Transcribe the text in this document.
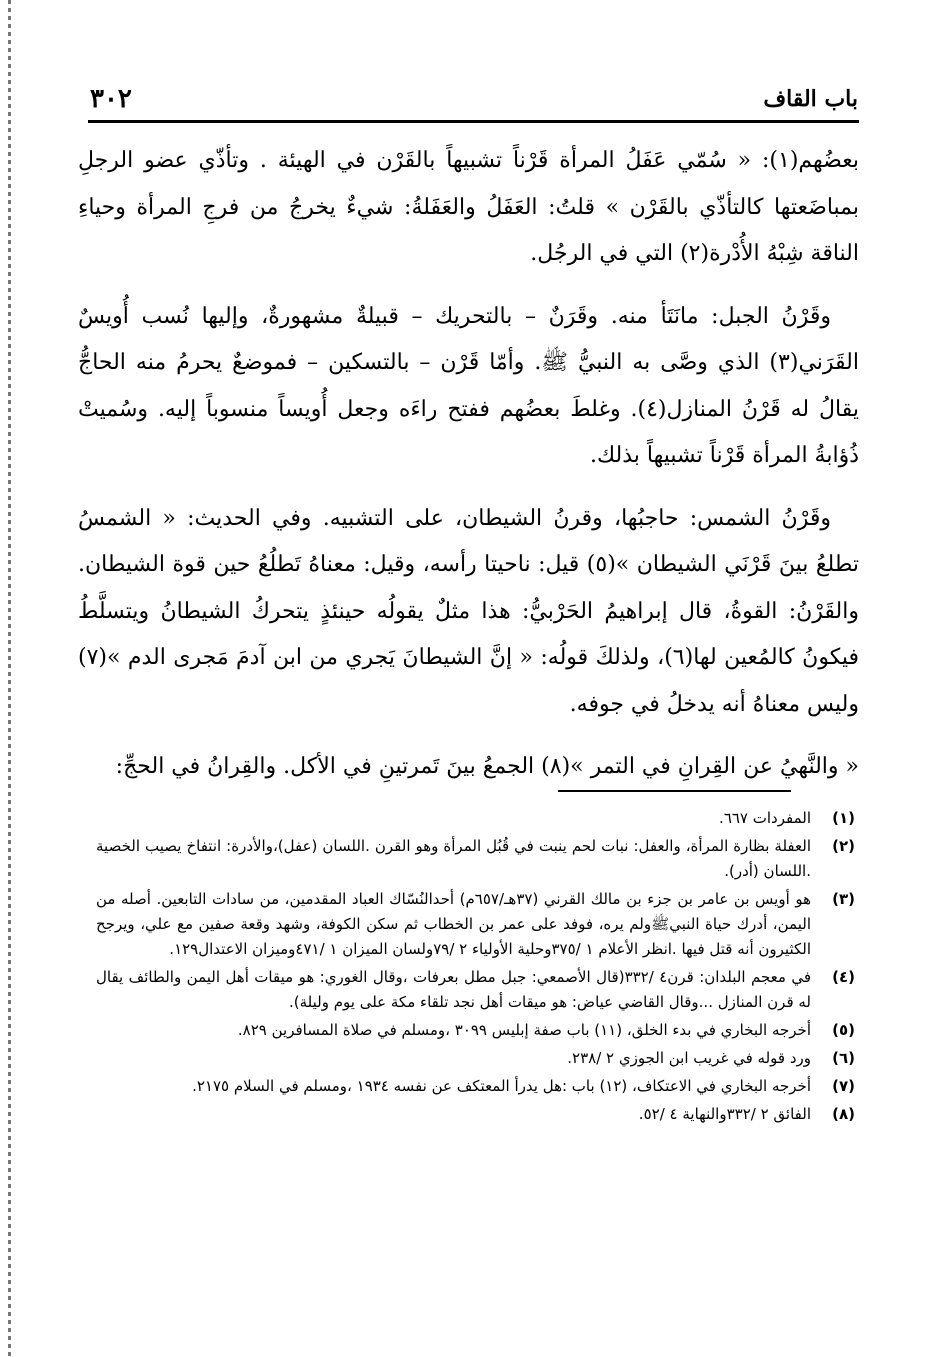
باب القاف
٣٠٢

بعضُهم(١): « سُمّي عَفَلُ المرأة قَرْناً تشبيهاً بالقَرْن في الهيئة . وتأذّي عضو الرجلِ بمباضَعتها كالتأذّي بالقَرْن » قلتُ: العَفَلُ والعَفَلةُ: شيءٌ يخرجُ من فرجِ المرأة وحياءِ الناقة شِبْهُ الأُدْرة(٢) التي في الرجُل.

وقَرْنُ الجبل: مانَتَأ منه. وقَرَنٌ – بالتحريك – قبيلةٌ مشهورةٌ، وإليها نُسب أُويسٌ القَرَني(٣) الذي وصَّى به النبيُّ ﷺ. وأمّا قَرْن – بالتسكين – فموضعٌ يحرمُ منه الحاجُّ يقالُ له قَرْنُ المنازل(٤). وغلطَ بعضُهم ففتح راءَه وجعل أُويساً منسوباً إليه. وسُميتْ ذُؤابةُ المرأة قَرْناً تشبيهاً بذلك.

وقَرْنُ الشمس: حاجبُها، وقرنُ الشيطان، على التشبيه. وفي الحديث: « الشمسُ تطلعُ بينَ قَرْنَي الشيطان »(٥) قيل: ناحيتا رأسه، وقيل: معناهُ تَطلُعُ حين قوة الشيطان. والقَرْنُ: القوةُ، قال إبراهيمُ الحَرْبيُّ: هذا مثلٌ يقولُه حينئذٍ يتحركُ الشيطانُ ويتسلَّطُ فيكونُ كالمُعين لها(٦)، ولذلكَ قولُه: « إنَّ الشيطانَ يَجري من ابن آدمَ مَجرى الدم »(٧) وليس معناهُ أنه يدخلُ في جوفه.

« والنَّهيُ عن القِرانِ في التمر »(٨) الجمعُ بينَ تَمرتينِ في الأكل. والقِرانُ في الحجِّ:

(١)
المفردات ٦٦٧.
(٢)
العفلة بظارة المرأة، والعفل: نبات لحم ينبت في قُبُل المرأة وهو القرن .اللسان (عفل)،والأدرة: انتفاخ يصيب الخصية .اللسان (أدر).
(٣)
هو أويس بن عامر بن جزء بن مالك القرني (٣٧هـ/٦٥٧م) أحدالنُسّاك العباد المقدمين، من سادات التابعين. أصله من اليمن، أدرك حياة النبيﷺولم يره، فوفد على عمر بن الخطاب ثم سكن الكوفة، وشهد وقعة صفين مع علي، ويرجح الكثيرون أنه قتل فيها .انظر الأعلام ١ /٣٧٥وحلية الأولياء ٢ /٧٩ولسان الميزان ١ /٤٧١وميزان الاعتدال١٢٩.
(٤)
في معجم البلدان: قرن٤ /٣٣٢(قال الأصمعي: جبل مطل بعرفات ،وقال الغوري: هو ميقات أهل اليمن والطائف يقال له قرن المنازل ...وقال القاضي عياض: هو ميقات أهل نجد تلقاء مكة على يوم وليلة).
(٥)
أخرجه البخاري في بدء الخلق، (١١) باب صفة إبليس ٣٠٩٩ ،ومسلم في صلاة المسافرين ٨٢٩.
(٦)
ورد قوله في غريب ابن الجوزي ٢ /٢٣٨.
(٧)
أخرجه البخاري في الاعتكاف، (١٢) باب :هل يدرأ المعتكف عن نفسه ١٩٣٤ ،ومسلم في السلام ٢١٧٥.
(٨)
الفائق ٢ /٣٣٢والنهاية ٤ /٥٢.
